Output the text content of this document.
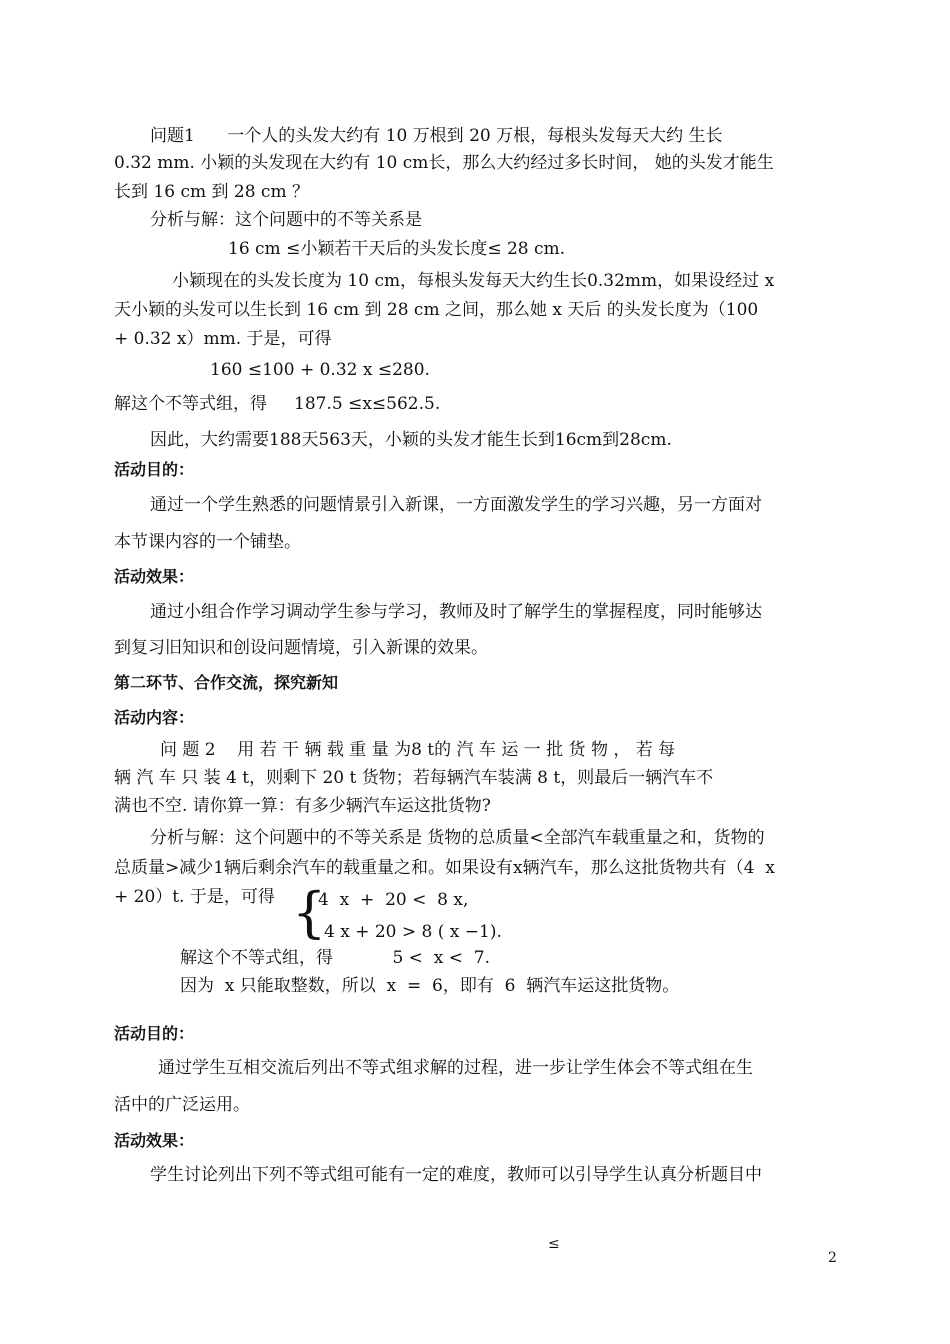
问题1      一个人的头发大约有 10 万根到 20 万根，每根头发每天大约 生长
0.32 mm. 小颖的头发现在大约有 10 cm长，那么大约经过多长时间， 她的头发才能生
长到 16 cm 到 28 cm ？
分析与解：这个问题中的不等关系是
16 cm ≤小颖若干天后的头发长度≤ 28 cm.
小颖现在的头发长度为 10 cm，每根头发每天大约生长0.32mm，如果设经过 x
天小颖的头发可以生长到 16 cm 到 28 cm 之间，那么她 x 天后 的头发长度为（100
+ 0.32 x）mm. 于是，可得
160 ≤100 + 0.32 x ≤280.
解这个不等式组，得     187.5 ≤x≤562.5.
因此，大约需要188天563天，小颖的头发才能生长到16cm到28cm.
活动目的：
通过一个学生熟悉的问题情景引入新课，一方面激发学生的学习兴趣，另一方面对
本节课内容的一个铺垫。
活动效果：
通过小组合作学习调动学生参与学习，教师及时了解学生的掌握程度，同时能够达
到复习旧知识和创设问题情境，引入新课的效果。
第二环节、合作交流，探究新知
活动内容：
问 题 2    用 若 干 辆 载 重 量 为8 t的 汽 车 运 一 批 货 物 ， 若 每
辆 汽 车 只 装 4 t，则剩下 20 t 货物；若每辆汽车装满 8 t，则最后一辆汽车不
满也不空. 请你算一算：有多少辆汽车运这批货物?
分析与解：这个问题中的不等关系是 货物的总质量<全部汽车载重量之和，货物的
总质量>减少1辆后剩余汽车的载重量之和。如果设有x辆汽车，那么这批货物共有（4  x
+ 20）t. 于是，可得 {
4  x  +  20 <  8 x,
4 x + 20 > 8 ( x −1).
解这个不等式组，得           5 <  x <  7.
因为  x 只能取整数，所以  x  =  6，即有  6  辆汽车运这批货物。
活动目的：
通过学生互相交流后列出不等式组求解的过程，进一步让学生体会不等式组在生
活中的广泛运用。
活动效果：
学生讨论列出下列不等式组可能有一定的难度，教师可以引导学生认真分析题目中
≤
2
